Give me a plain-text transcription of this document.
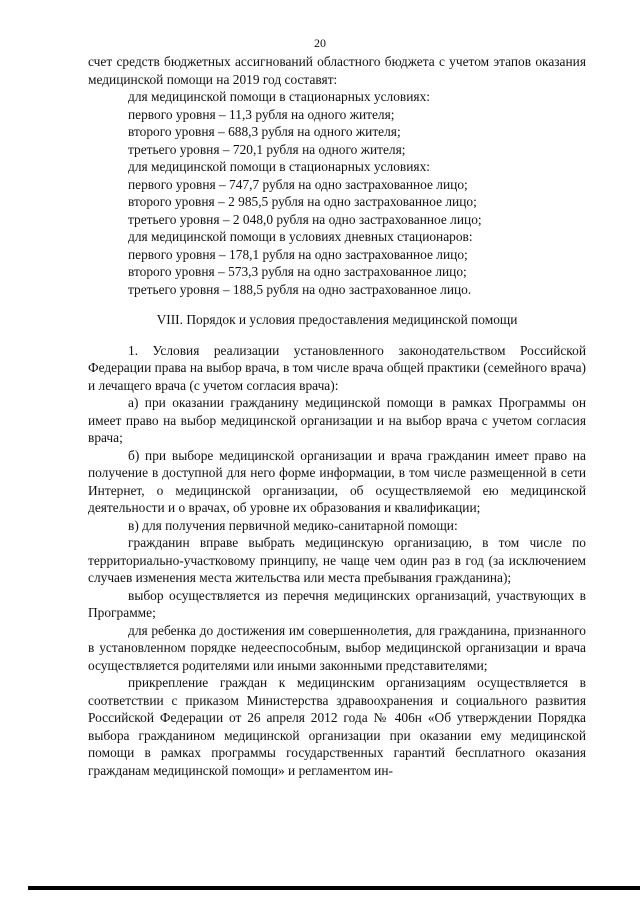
20

счет средств бюджетных ассигнований областного бюджета с учетом этапов оказания медицинской помощи на 2019 год составят:

для медицинской помощи в стационарных условиях:

первого уровня – 11,3 рубля на одного жителя;

второго уровня – 688,3 рубля на одного жителя;

третьего уровня – 720,1 рубля на одного жителя;

для медицинской помощи в стационарных условиях:

первого уровня – 747,7 рубля на одно застрахованное лицо;

второго уровня – 2 985,5 рубля на одно застрахованное лицо;

третьего уровня – 2 048,0 рубля на одно застрахованное лицо;

для медицинской помощи в условиях дневных стационаров:

первого уровня – 178,1 рубля на одно застрахованное лицо;

второго уровня – 573,3 рубля на одно застрахованное лицо;

третьего уровня – 188,5 рубля на одно застрахованное лицо.

VIII. Порядок и условия предоставления медицинской помощи

1. Условия реализации установленного законодательством Российской Федерации права на выбор врача, в том числе врача общей практики (семейного врача) и лечащего врача (с учетом согласия врача):

а) при оказании гражданину медицинской помощи в рамках Программы он имеет право на выбор медицинской организации и на выбор врача с учетом согласия врача;

б) при выборе медицинской организации и врача гражданин имеет право на получение в доступной для него форме информации, в том числе размещенной в сети Интернет, о медицинской организации, об осуществляемой ею медицинской деятельности и о врачах, об уровне их образования и квалификации;

в) для получения первичной медико-санитарной помощи:

гражданин вправе выбрать медицинскую организацию, в том числе по территориально-участковому принципу, не чаще чем один раз в год (за исключением случаев изменения места жительства или места пребывания гражданина);

выбор осуществляется из перечня медицинских организаций, участвующих в Программе;

для ребенка до достижения им совершеннолетия, для гражданина, признанного в установленном порядке недееспособным, выбор медицинской организации и врача осуществляется родителями или иными законными представителями;

прикрепление граждан к медицинским организациям осуществляется в соответствии с приказом Министерства здравоохранения и социального развития Российской Федерации от 26 апреля 2012 года № 406н «Об утверждении Порядка выбора гражданином медицинской организации при оказании ему медицинской помощи в рамках программы государственных гарантий бесплатного оказания гражданам медицинской помощи» и регламентом ин-
